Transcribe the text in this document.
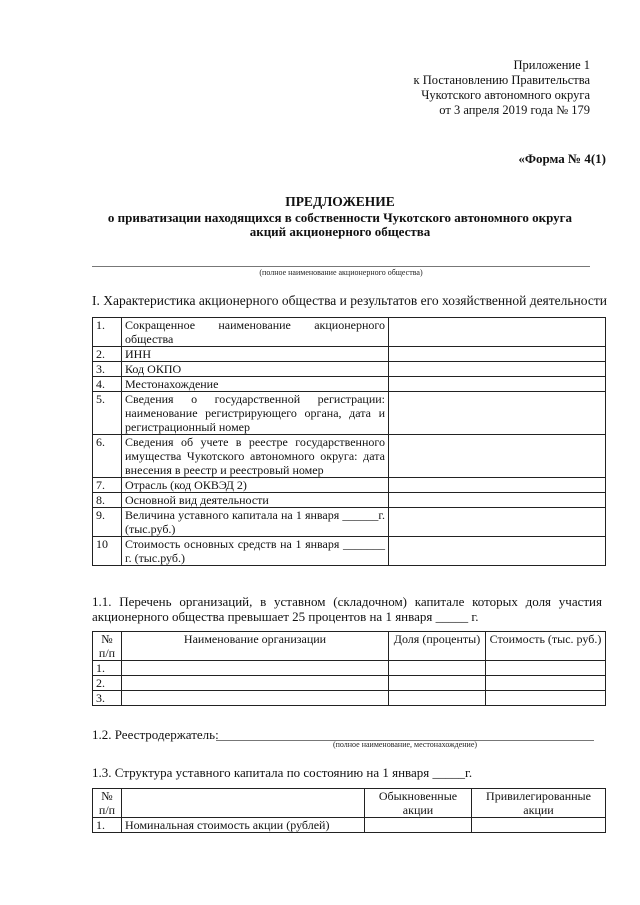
Приложение 1
к Постановлению Правительства
Чукотского автономного округа
от 3 апреля 2019 года № 179
«Форма № 4(1)
ПРЕДЛОЖЕНИЕ
о приватизации находящихся в собственности Чукотского автономного округа
акций акционерного общества
(полное наименование акционерного общества)
I. Характеристика акционерного общества и результатов его хозяйственной деятельности
1.	Сокращенное наименование акционерного общества	
2.	ИНН	
3.	Код ОКПО	
4.	Местонахождение	
5.	Сведения о государственной регистрации: наименование регистрирующего органа, дата и регистрационный номер	
6.	Сведения об учете в реестре государственного имущества Чукотского автономного округа: дата внесения в реестр и реестровый номер	
7.	Отрасль (код ОКВЭД 2)	
8.	Основной вид деятельности	
9.	Величина уставного капитала на 1 января ______г. (тыс.руб.)	
10	Стоимость основных средств на 1 января _______ г. (тыс.руб.)	
1.1. Перечень организаций, в уставном (складочном) капитале которых доля участия акционерного общества превышает 25 процентов на 1 января _____ г.
№ п/п	Наименование организации	Доля (проценты)	Стоимость (тыс. руб.)
1.			
2.			
3.			
1.2. Реестродержатель:
(полное наименование, местонахождение)
1.3. Структура уставного капитала по состоянию на 1 января _____г.
№ п/п		Обыкновенные акции	Привилегированные акции
1.	Номинальная стоимость акции (рублей)		
